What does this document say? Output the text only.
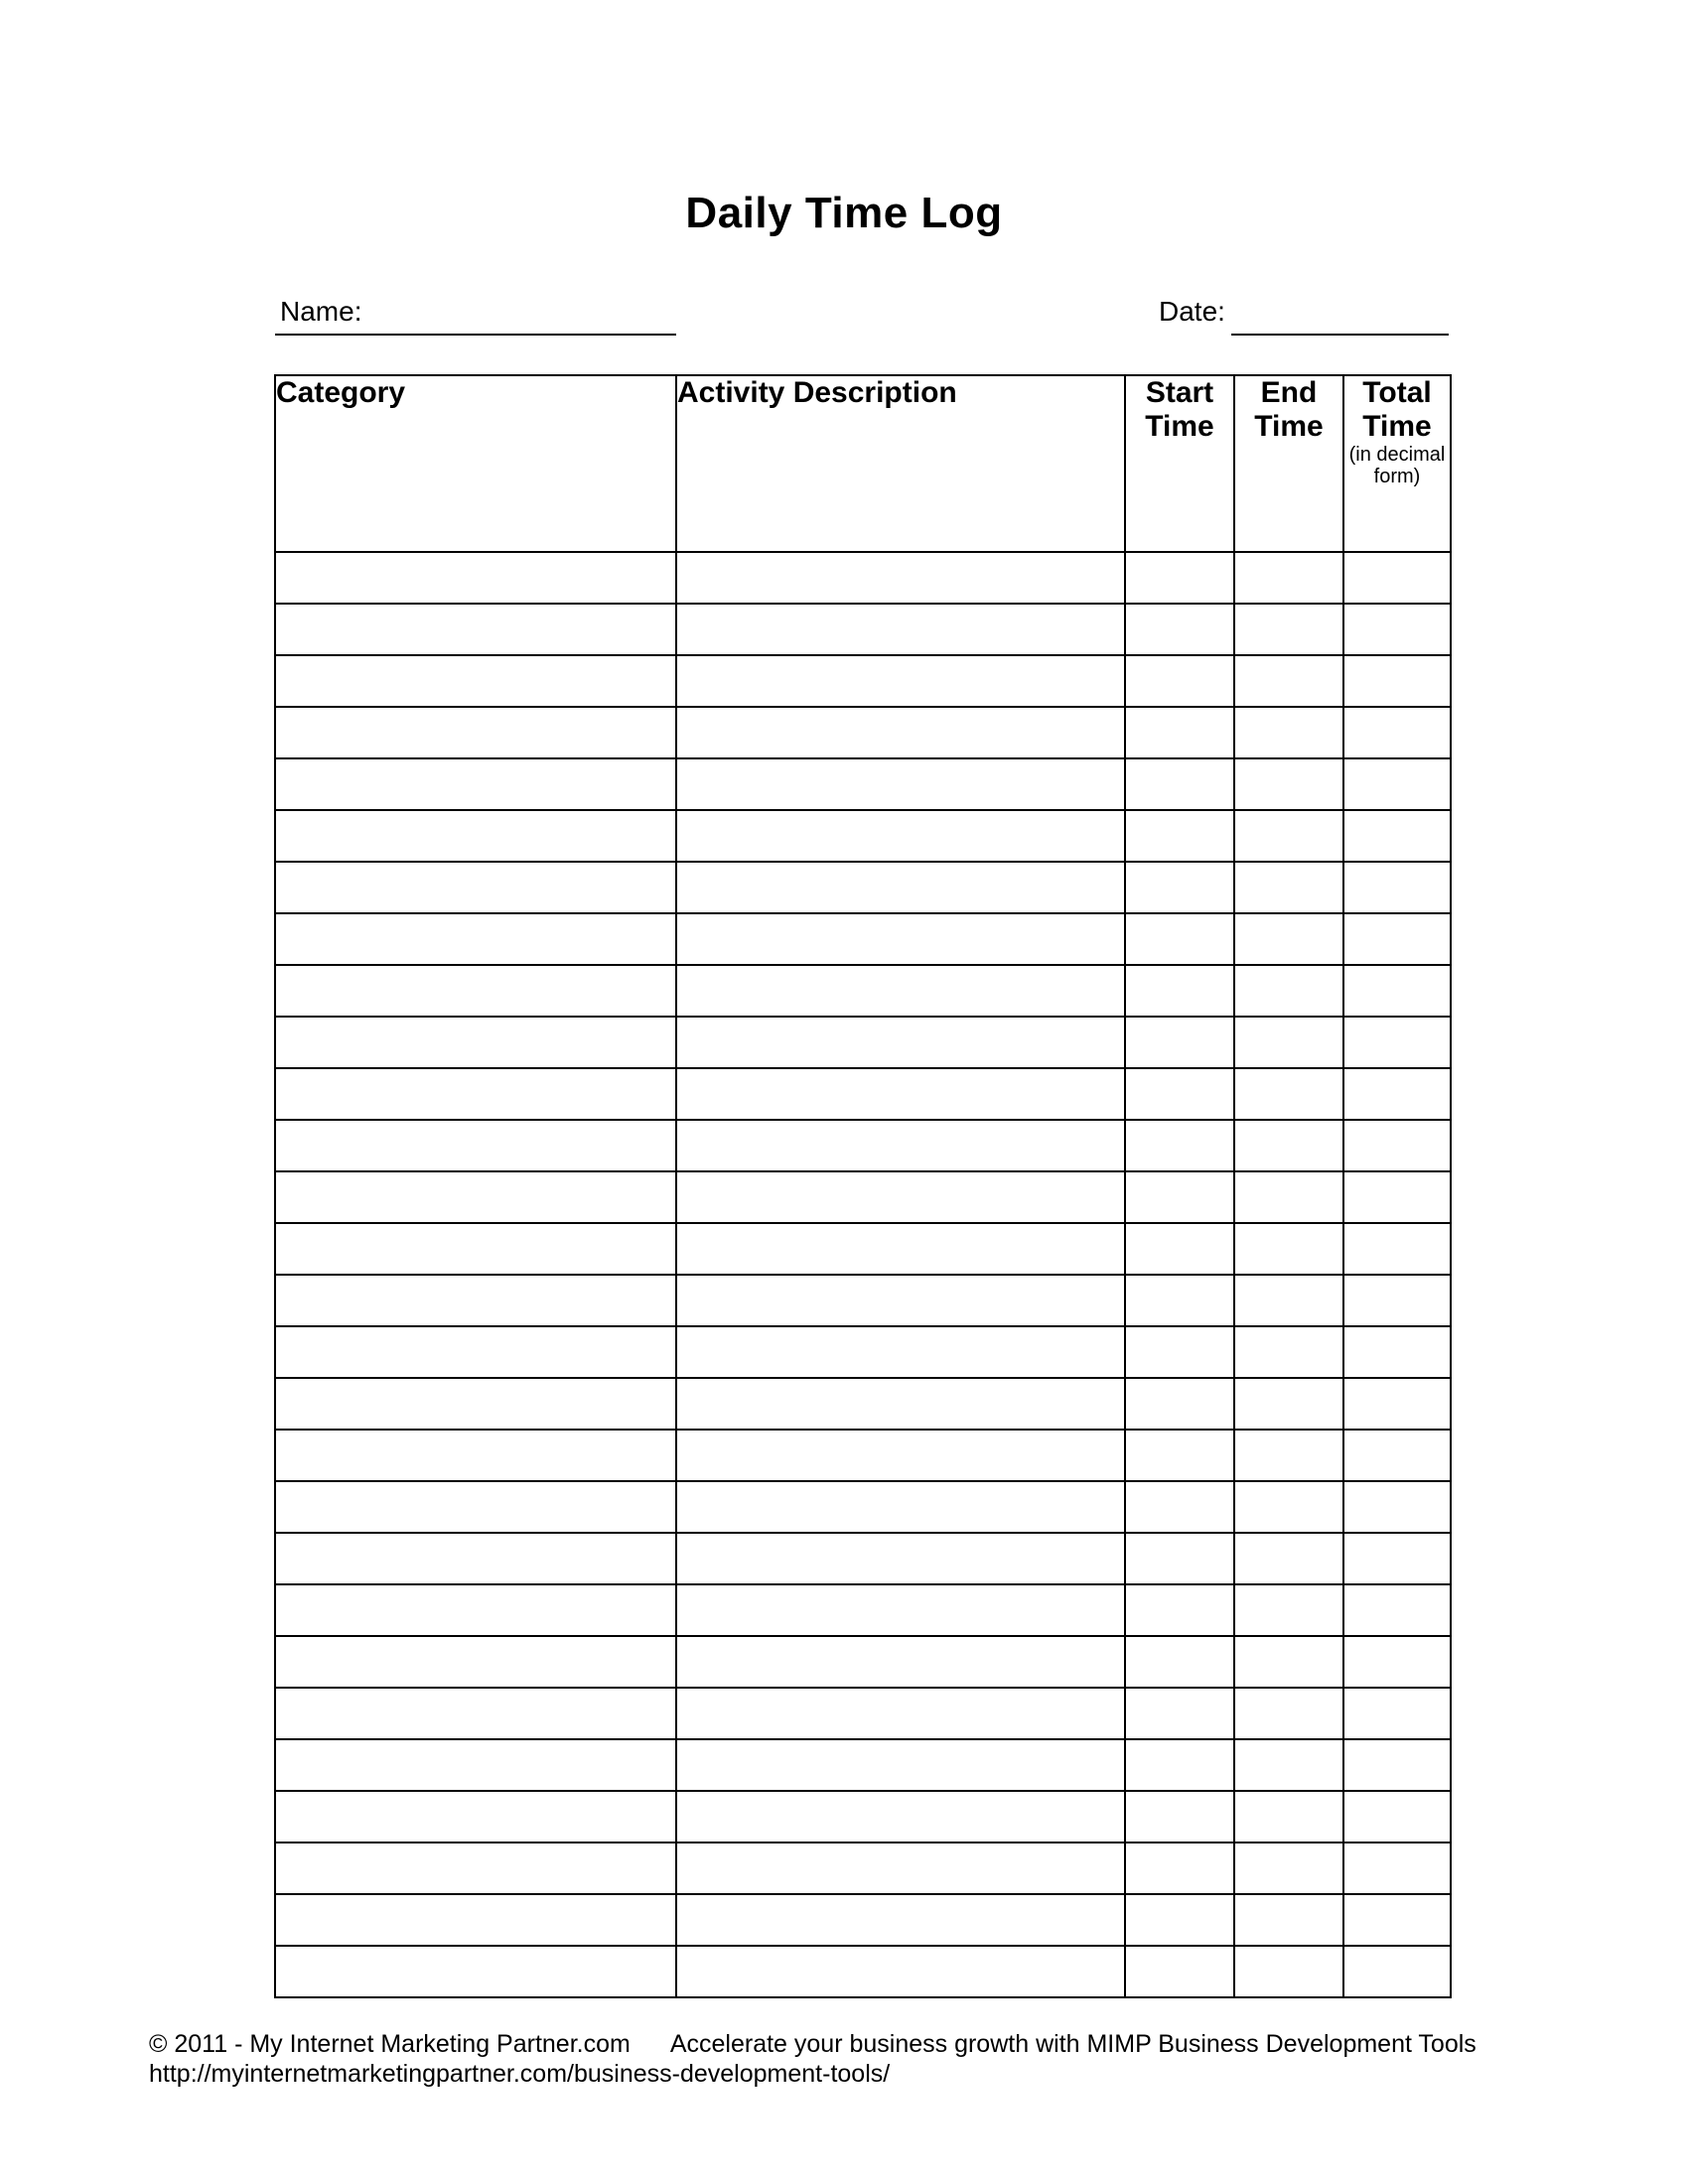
Daily Time Log
Name:	Date:
Category	Activity Description	Start Time	End Time	Total Time
(in decimal form)

© 2011 - My Internet Marketing Partner.com Accelerate your business growth with MIMP Business Development Tools
http://myinternetmarketingpartner.com/business-development-tools/
